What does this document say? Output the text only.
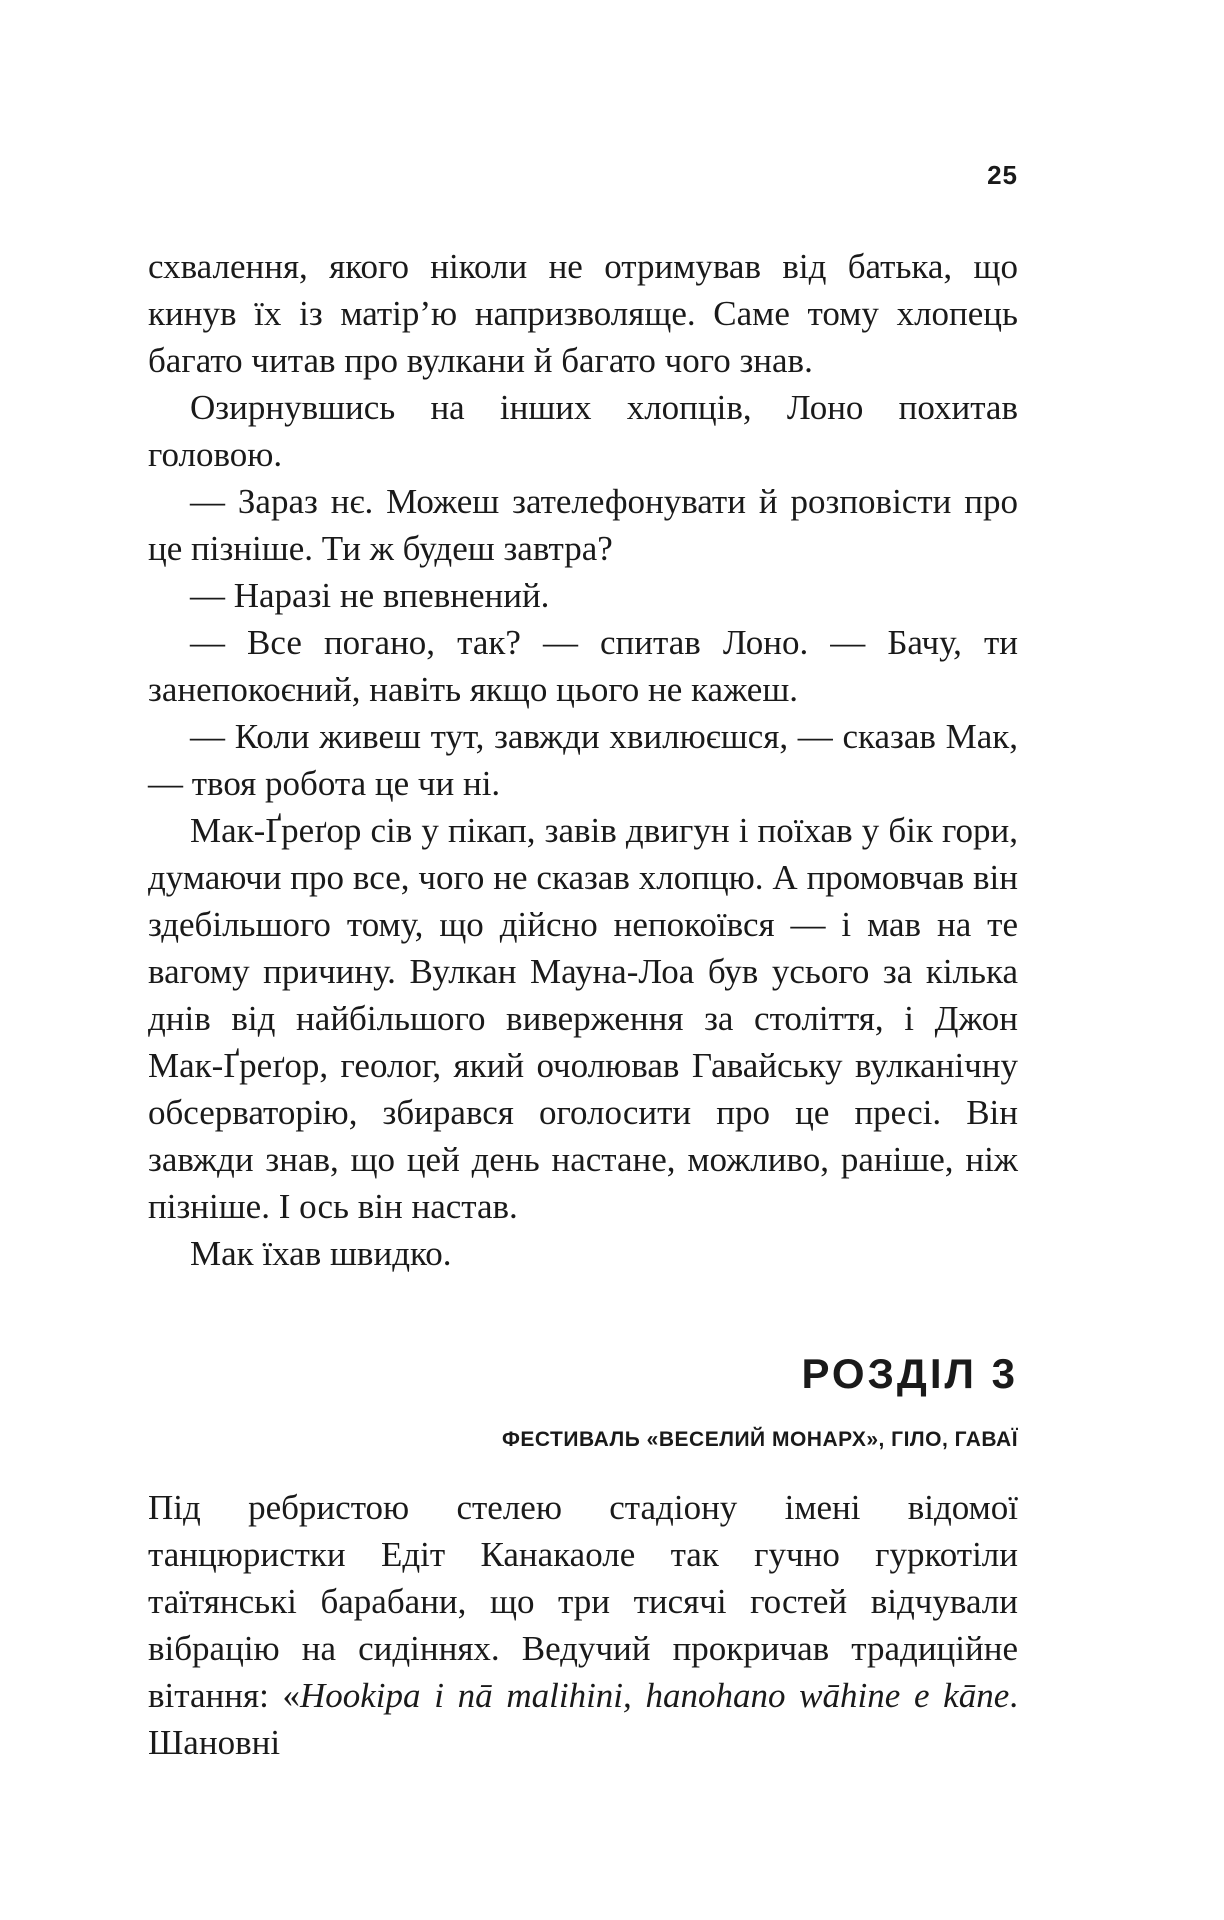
25

схвалення, якого ніколи не отримував від батька, що кинув їх із матір’ю напризволяще. Саме тому хлопець багато читав про вулкани й багато чого знав.

Озирнувшись на інших хлопців, Лоно похитав головою.

— Зараз нє. Можеш зателефонувати й розповісти про це пізніше. Ти ж будеш завтра?

— Наразі не впевнений.

— Все погано, так? — спитав Лоно. — Бачу, ти занепокоєний, навіть якщо цього не кажеш.

— Коли живеш тут, завжди хвилюєшся, — сказав Мак, — твоя робота це чи ні.

Мак-Ґреґор сів у пікап, завів двигун і поїхав у бік гори, думаючи про все, чого не сказав хлопцю. А промовчав він здебільшого тому, що дійсно непокоївся — і мав на те вагому причину. Вулкан Мауна-Лоа був усього за кілька днів від найбільшого виверження за століття, і Джон Мак-Ґреґор, геолог, який очолював Гавайську вулканічну обсерваторію, збирався оголосити про це пресі. Він завжди знав, що цей день настане, можливо, раніше, ніж пізніше. І ось він настав.

Мак їхав швидко.

РОЗДІЛ 3
ФЕСТИВАЛЬ «ВЕСЕЛИЙ МОНАРХ», ГІЛО, ГАВАЇ

Під ребристою стелею стадіону імені відомої танцюристки Едіт Канакаоле так гучно гуркотіли таїтянські барабани, що три тисячі гостей відчували вібрацію на сидіннях. Ведучий прокричав традиційне вітання: «Hookipa i nā malihini, hanohano wāhine e kāne. Шановні
